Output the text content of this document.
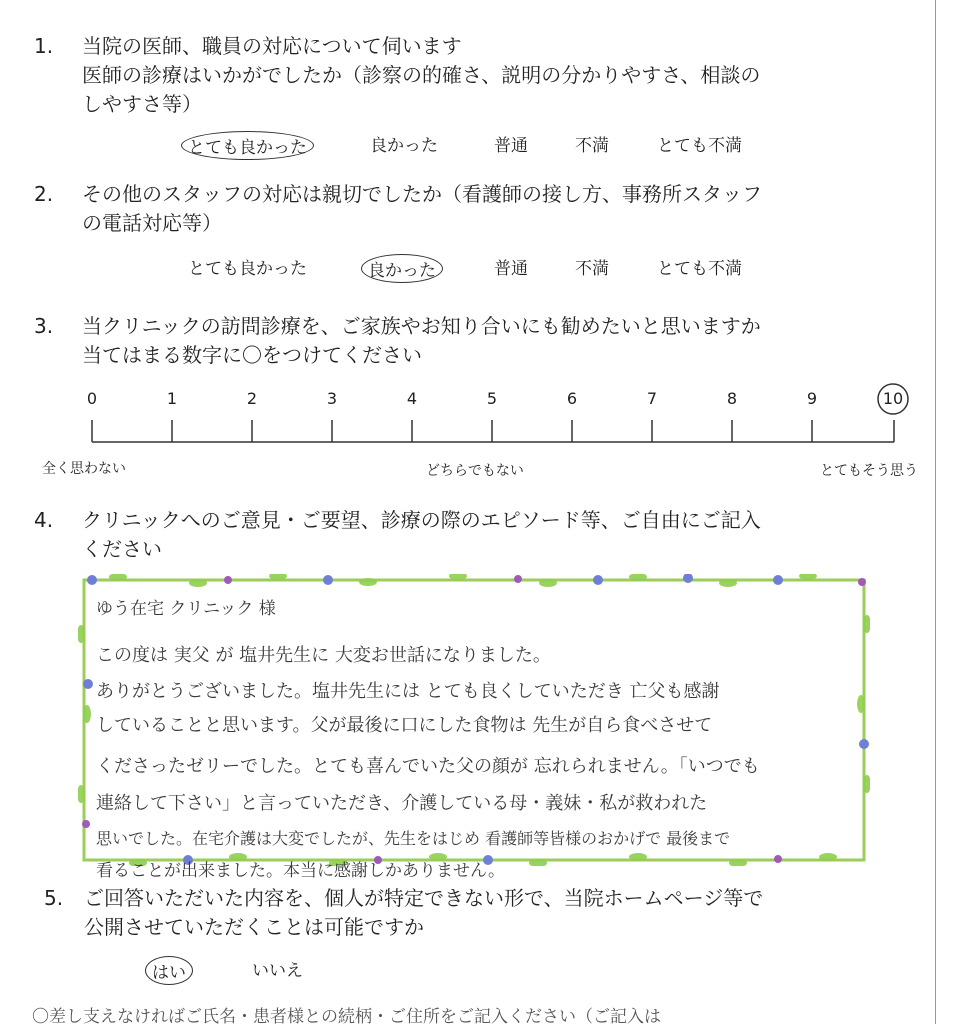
1. 当院の医師、職員の対応について伺います
医師の診療はいかがでしたか（診察の的確さ、説明の分かりやすさ、相談の
しやすさ等）
とても良かった	良かった	普通	不満	とても不満
2. その他のスタッフの対応は親切でしたか（看護師の接し方、事務所スタッフ
の電話対応等）
とても良かった	良かった	普通	不満	とても不満
3. 当クリニックの訪問診療を、ご家族やお知り合いにも勧めたいと思いますか
当てはまる数字に〇をつけてください
0	1	2	3	4	5	6	7	8	9	10
全く思わない	どちらでもない	とてもそう思う
4. クリニックへのご意見・ご要望、診療の際のエピソード等、ご自由にご記入
ください
ゆう在宅 クリニック 様
この度は 実父 が 塩井先生に 大変お世話になりました。
ありがとうございました。塩井先生には とても良くしていただき 亡父も感謝
していることと思います。父が最後に口にした食物は 先生が自ら食べさせて
くださったゼリーでした。とても喜んでいた父の顔が 忘れられません。「いつでも
連絡して下さい」と言っていただき、介護している母・義妹・私が救われた
思いでした。在宅介護は大変でしたが、先生をはじめ 看護師等皆様のおかげで 最後まで
看ることが出来ました。本当に感謝しかありません。
5. ご回答いただいた内容を、個人が特定できない形で、当院ホームページ等で
公開させていただくことは可能ですか
はい	いいえ
〇差し支えなければご氏名・患者様との続柄・ご住所をご記入ください（ご記入は
